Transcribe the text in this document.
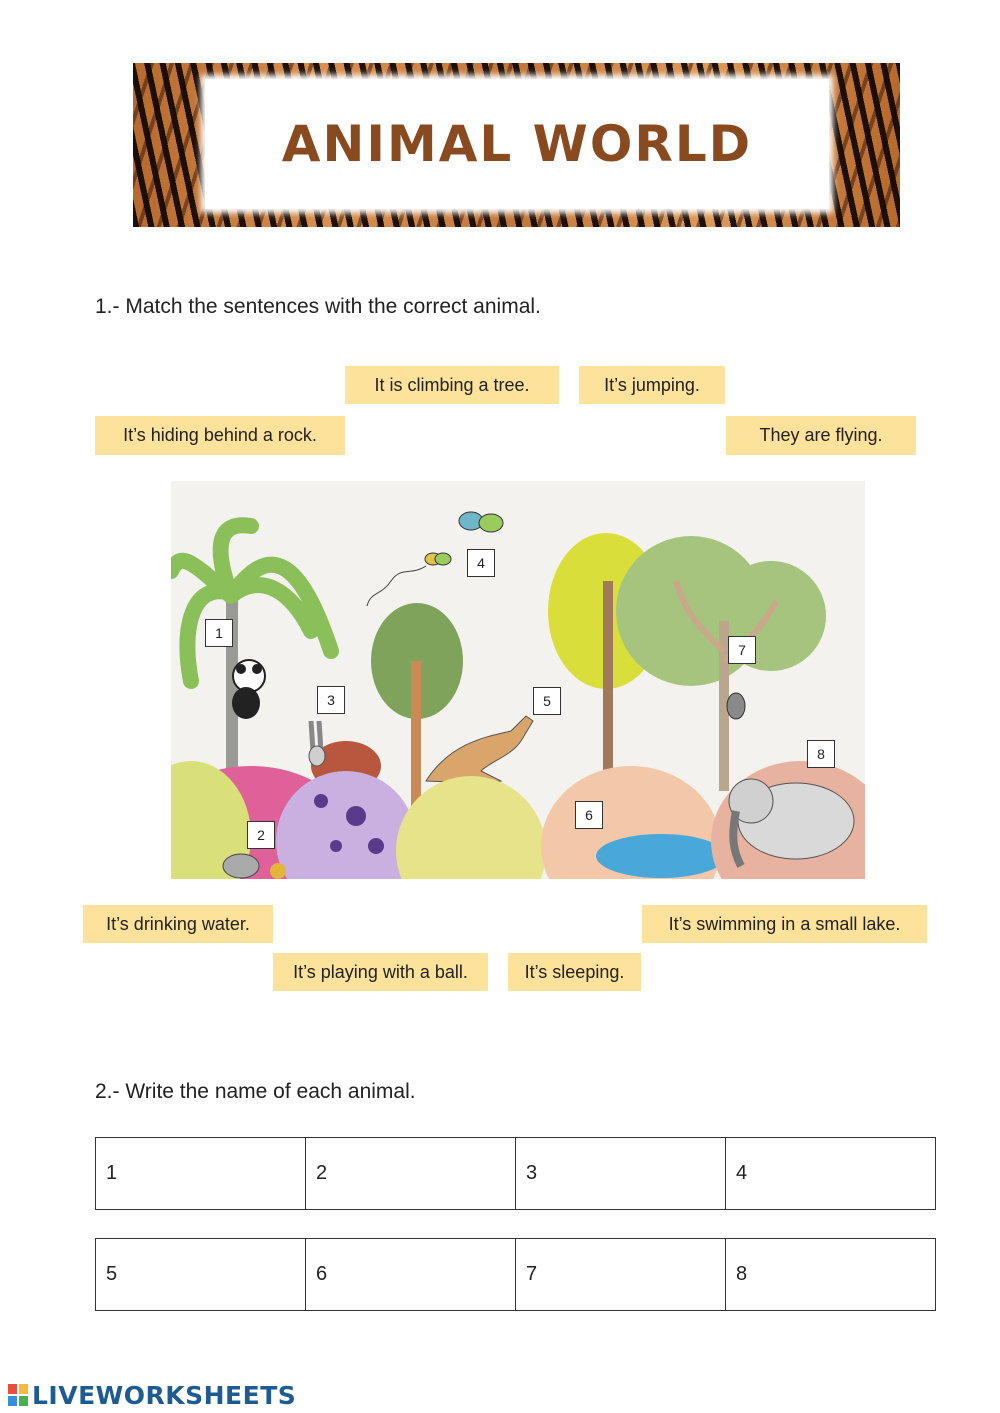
ANIMAL WORLD
1.- Match the sentences with the correct animal.
It is climbing a tree.	It’s jumping.
It’s hiding behind a rock.	They are flying.
1
2
3
4
5
6
7
8
It’s drinking water.	It’s swimming in a small lake.
It’s playing with a ball.	It’s sleeping.
2.- Write the name of each animal.
1	2	3	4
5	6	7	8
LIVEWORKSHEETS
